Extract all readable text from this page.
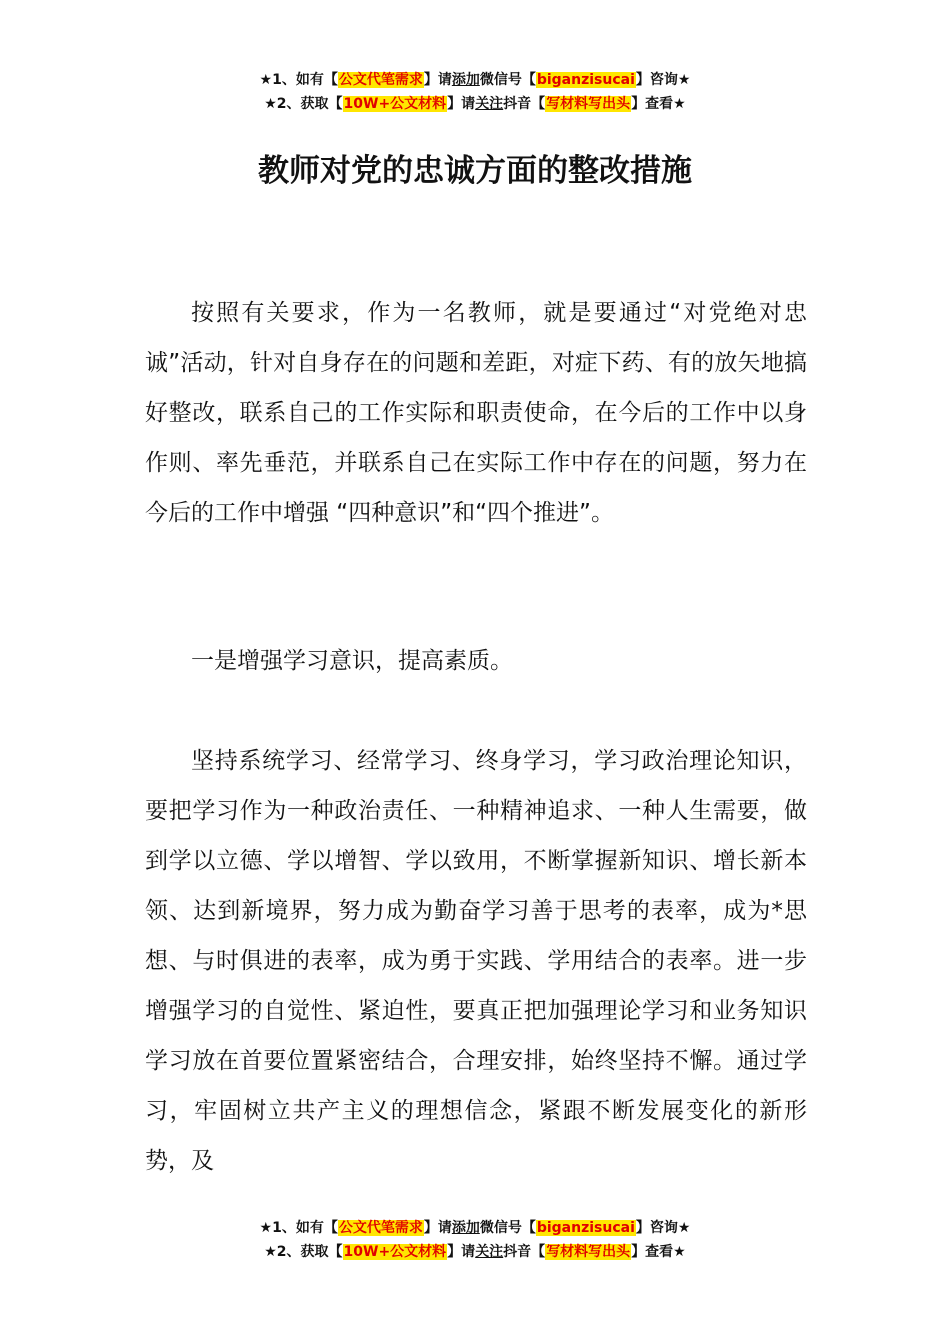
★1、如有【公文代笔需求】请添加微信号【biganzisucai】咨询★
★2、获取【10W+公文材料】请关注抖音【写材料写出头】查看★
教师对党的忠诚方面的整改措施

按照有关要求，作为一名教师，就是要通过“对党绝对忠诚”活动，针对自身存在的问题和差距，对症下药、有的放矢地搞好整改，联系自己的工作实际和职责使命，在今后的工作中以身作则、率先垂范，并联系自己在实际工作中存在的问题，努力在今后的工作中增强 “四种意识”和“四个推进”。

一是增强学习意识，提高素质。

坚持系统学习、经常学习、终身学习，学习政治理论知识，要把学习作为一种政治责任、一种精神追求、一种人生需要，做到学以立德、学以增智、学以致用，不断掌握新知识、增长新本领、达到新境界，努力成为勤奋学习善于思考的表率，成为*思想、与时俱进的表率，成为勇于实践、学用结合的表率。进一步增强学习的自觉性、紧迫性，要真正把加强理论学习和业务知识学习放在首要位置紧密结合，合理安排，始终坚持不懈。通过学习，牢固树立共产主义的理想信念，紧跟不断发展变化的新形势，及

★1、如有【公文代笔需求】请添加微信号【biganzisucai】咨询★
★2、获取【10W+公文材料】请关注抖音【写材料写出头】查看★
